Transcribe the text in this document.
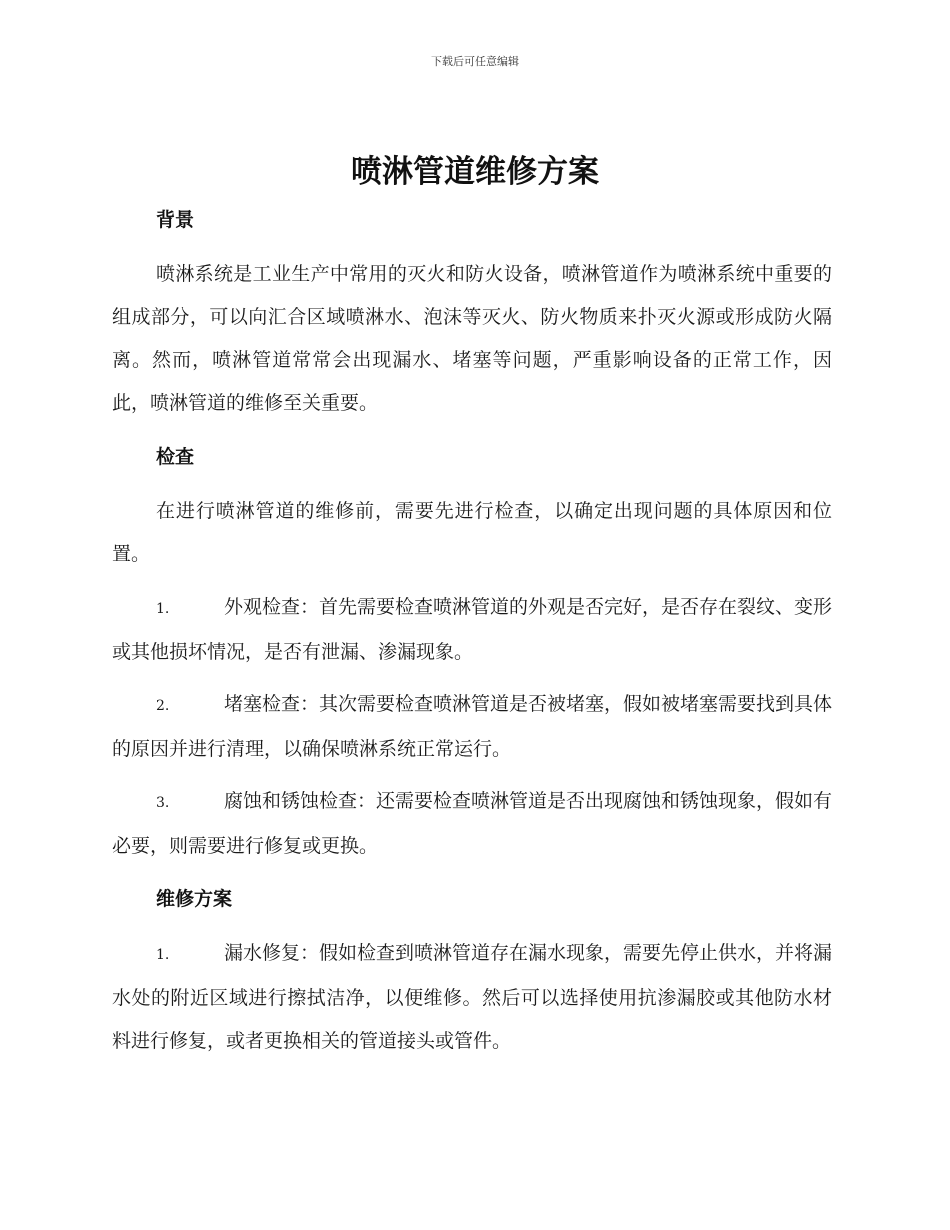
下载后可任意编辑
喷淋管道维修方案
背景

喷淋系统是工业生产中常用的灭火和防火设备，喷淋管道作为喷淋系统中重要的组成部分，可以向汇合区域喷淋水、泡沫等灭火、防火物质来扑灭火源或形成防火隔离。然而，喷淋管道常常会出现漏水、堵塞等问题，严重影响设备的正常工作，因此，喷淋管道的维修至关重要。

检查

在进行喷淋管道的维修前，需要先进行检查，以确定出现问题的具体原因和位置。

1.	外观检查：首先需要检查喷淋管道的外观是否完好，是否存在裂纹、变形或其他损坏情况，是否有泄漏、渗漏现象。

2.	堵塞检查：其次需要检查喷淋管道是否被堵塞，假如被堵塞需要找到具体的原因并进行清理，以确保喷淋系统正常运行。

3.	腐蚀和锈蚀检查：还需要检查喷淋管道是否出现腐蚀和锈蚀现象，假如有必要，则需要进行修复或更换。

维修方案

1.	漏水修复：假如检查到喷淋管道存在漏水现象，需要先停止供水，并将漏水处的附近区域进行擦拭洁净，以便维修。然后可以选择使用抗渗漏胶或其他防水材料进行修复，或者更换相关的管道接头或管件。
